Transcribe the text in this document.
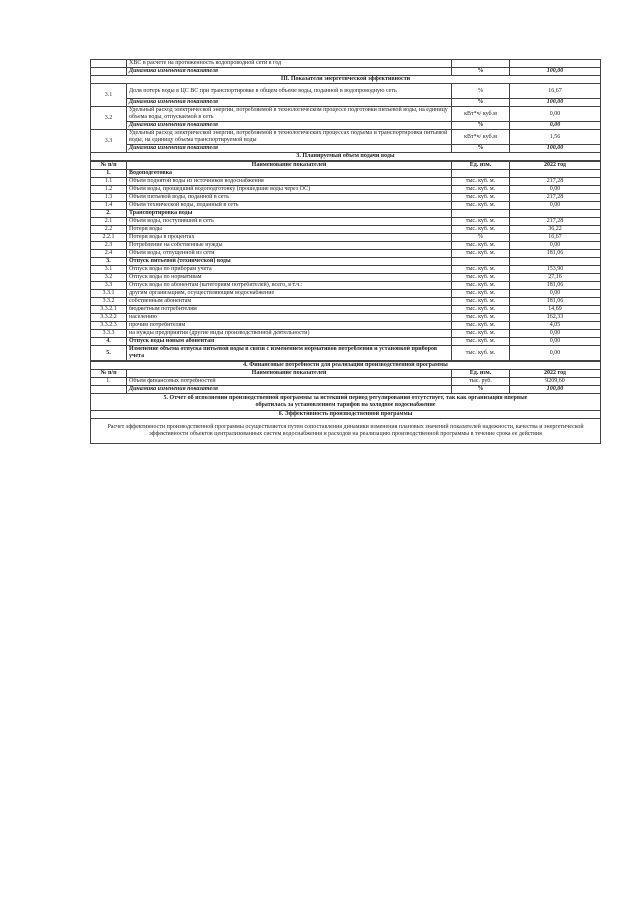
	ХВС в расчете на протяженность водопроводной сети в год		
	Динамика изменения показателя	%	100,00
III. Показатели энергетической эффективности			
3.1	Доля потерь воды в ЦС ВС при транспортировке в общем объеме воды, поданной в водопроводную сеть	%	16,67
	Динамика изменения показателя	%	100,00
3.2	Удельный расход электрической энергии, потребляемой в технологическом процессе подготовки питьевой воды, на единицу объема воды, отпускаемой в сеть	кВт*ч/ куб.м	0,00
	Динамика изменения показателя	%	0,00
3.3	Удельный расход электрической энергии, потребляемой в технологических процессах подъема и транспортировки питьевой воды, на единицу объема транспортируемой воды	кВт*ч/ куб.м	1,56
	Динамика изменения показателя	%	100,00
3. Планируемый объем подачи воды			
№ п/п	Наименование показателей	Ед. изм.	2022 год
1.	Водоподготовка		
1.1	Объем поднятой воды из источников водоснабжения	тыс. куб. м.	217,28
1.2	Объем воды, прошедший водоподготовку (прошедшие воды через ОС)	тыс. куб. м.	0,00
1.3	Объем питьевой воды, поданной в сеть	тыс. куб. м.	217,28
1.4	Объем технической воды, поданный в сеть	тыс. куб. м.	0,00
2.	Транспортировка воды		
2.1	Объем воды, поступившей в сеть	тыс. куб. м.	217,28
2.2	Потери воды	тыс. куб. м.	36,22
2.2.1	Потери воды в процентах	%	16,67
2.3	Потребление на собственные нужды	тыс. куб. м.	0,00
2.4	Объем воды, отпущенной из сети	тыс. куб. м.	181,06
3.	Отпуск питьевой (технической) воды		
3.1	Отпуск воды по приборам учета	тыс. куб. м.	153,90
3.2	Отпуск воды по нормативам	тыс. куб. м.	27,16
3.3	Отпуск воды по абонентам (категориям потребителей), всего, в т.ч.:	тыс. куб. м.	181,06
3.3.1	другим организациям, осуществляющим водоснабжение	тыс. куб. м.	0,00
3.3.2	собственным абонентам	тыс. куб. м.	181,06
3.3.2.1	бюджетным потребителям	тыс. куб. м.	14,69
3.3.2.2	населению	тыс. куб. м.	162,33
3.3.2.3	прочим потребителям	тыс. куб. м.	4,05
3.3.3	на нужды предприятия (другие виды производственной деятельности)	тыс. куб. м.	0,00
4.	Отпуск воды новым абонентам	тыс. куб. м.	0,00
5.	Изменение объема отпуска питьевой воды в связи с изменением нормативов потребления и установкой приборов учета	тыс. куб. м.	0,00
4. Финансовые потребности для реализации производственной программы			
№ п/п	Наименование показателей	Ед. изм.	2022 год
1.	Объем финансовых потребностей	тыс. руб.	9209,60
	Динамика изменения показателя	%	100,00
5. Отчет об исполнении производственной программы за истекший период регулирования отсутствует, так как организация впервые
обратилась за установлением тарифов на холодное водоснабжение			
6. Эффективность производственной программы			
Расчет эффективности производственной программы осуществляется путем сопоставления динамики изменения плановых значений показателей надежности, качества и энергетической эффективности объектов централизованных систем водоснабжения и расходов на реализацию производственной программы в течение срока ее действия			
